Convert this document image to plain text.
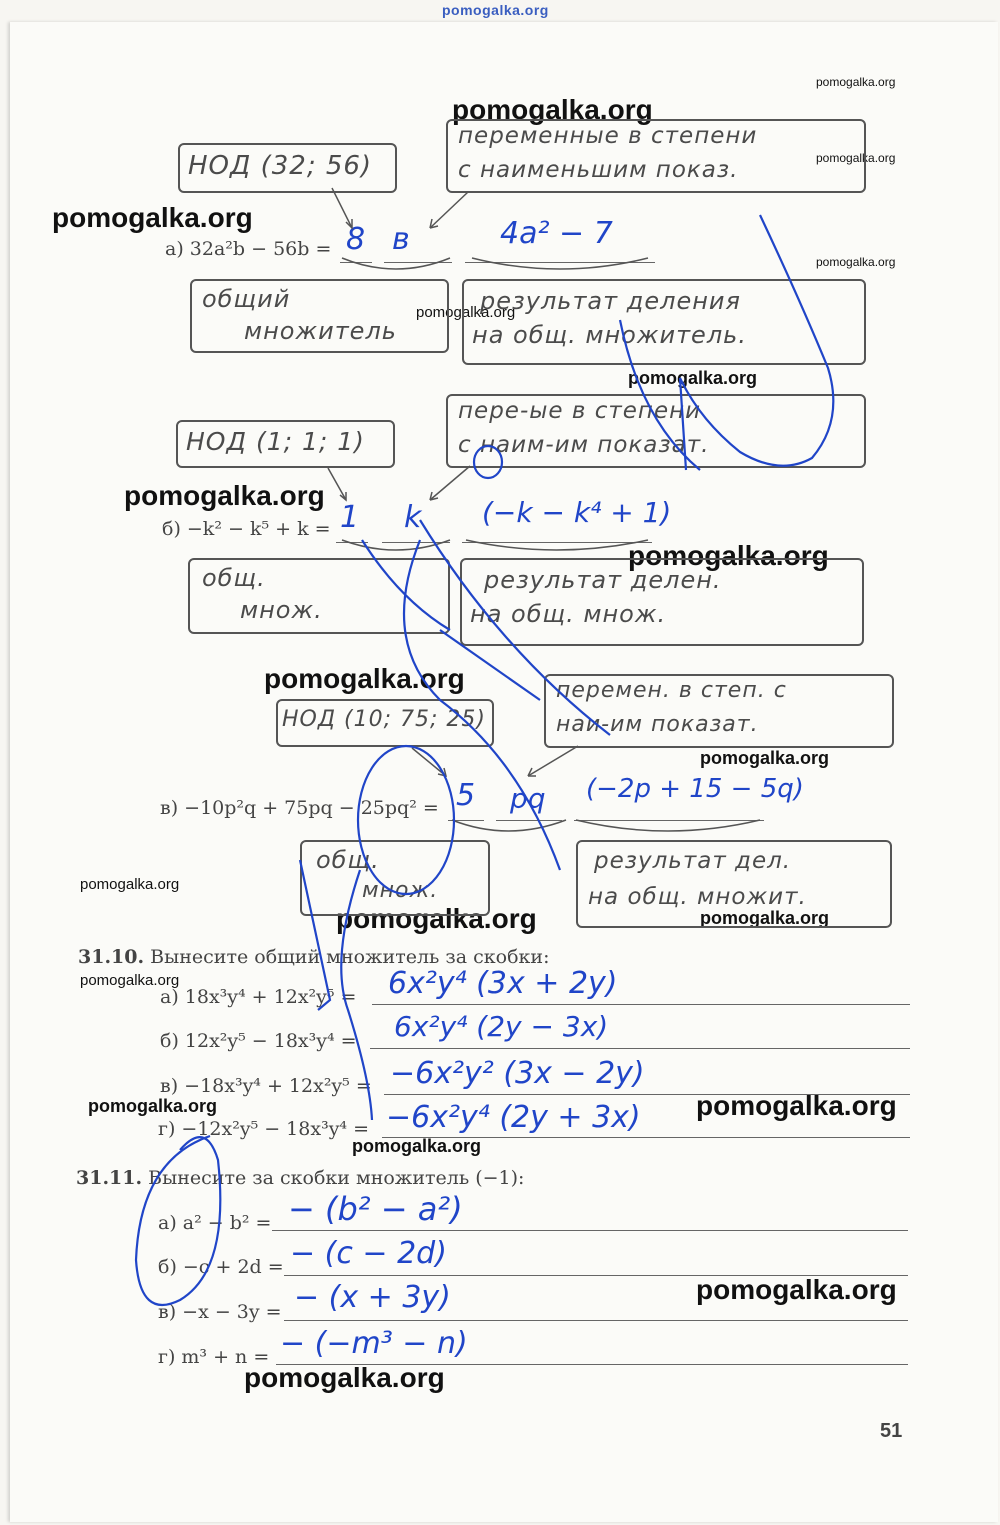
pomogalka.org
pomogalka.org
pomogalka.org
pomogalka.org
pomogalka.org
pomogalka.org
pomogalka.org
pomogalka.org
pomogalka.org
pomogalka.org
pomogalka.org
pomogalka.org
pomogalka.org
pomogalka.org	pomogalka.org
pomogalka.org
pomogalka.org	pomogalka.org
pomogalka.org
pomogalka.org
pomogalka.org
НОД (32; 56)
переменные в степени
с наименьшим показ.
а) 32a²b − 56b = 8 в	4а² − 7
общий
множитель
результат деления
на общ. множитель.
НОД (1; 1; 1)
пере-ые в степени
с наим-им показат.
б) −k² − k⁵ + k = 1 k (−k − k⁴ + 1)
общ.
множ.
результат делен.
на общ. множ.
НОД (10; 75; 25)
перемен. в степ. с
наи-им показат.
в) −10p²q + 75pq − 25pq² = 5 pq (−2p + 15 − 5q)
общ.
множ.
результат дел.
на общ. множит.
31.10. Вынесите общий множитель за скобки:
а) 18x³y⁴ + 12x²y⁵ = 6x²y⁴ (3x + 2y)
б) 12x²y⁵ − 18x³y⁴ = 6x²y⁴ (2y − 3x)
в) −18x³y⁴ + 12x²y⁵ = −6x²y² (3x − 2y)
г) −12x²y⁵ − 18x³y⁴ = −6x²y⁴ (2y + 3x)
31.11. Вынесите за скобки множитель (−1):
а) a² − b² = − (b² − a²)
б) −c + 2d = − (c − 2d)
в) −x − 3y = − (x + 3y)
г) m³ + n = − (−m³ − n)
51
